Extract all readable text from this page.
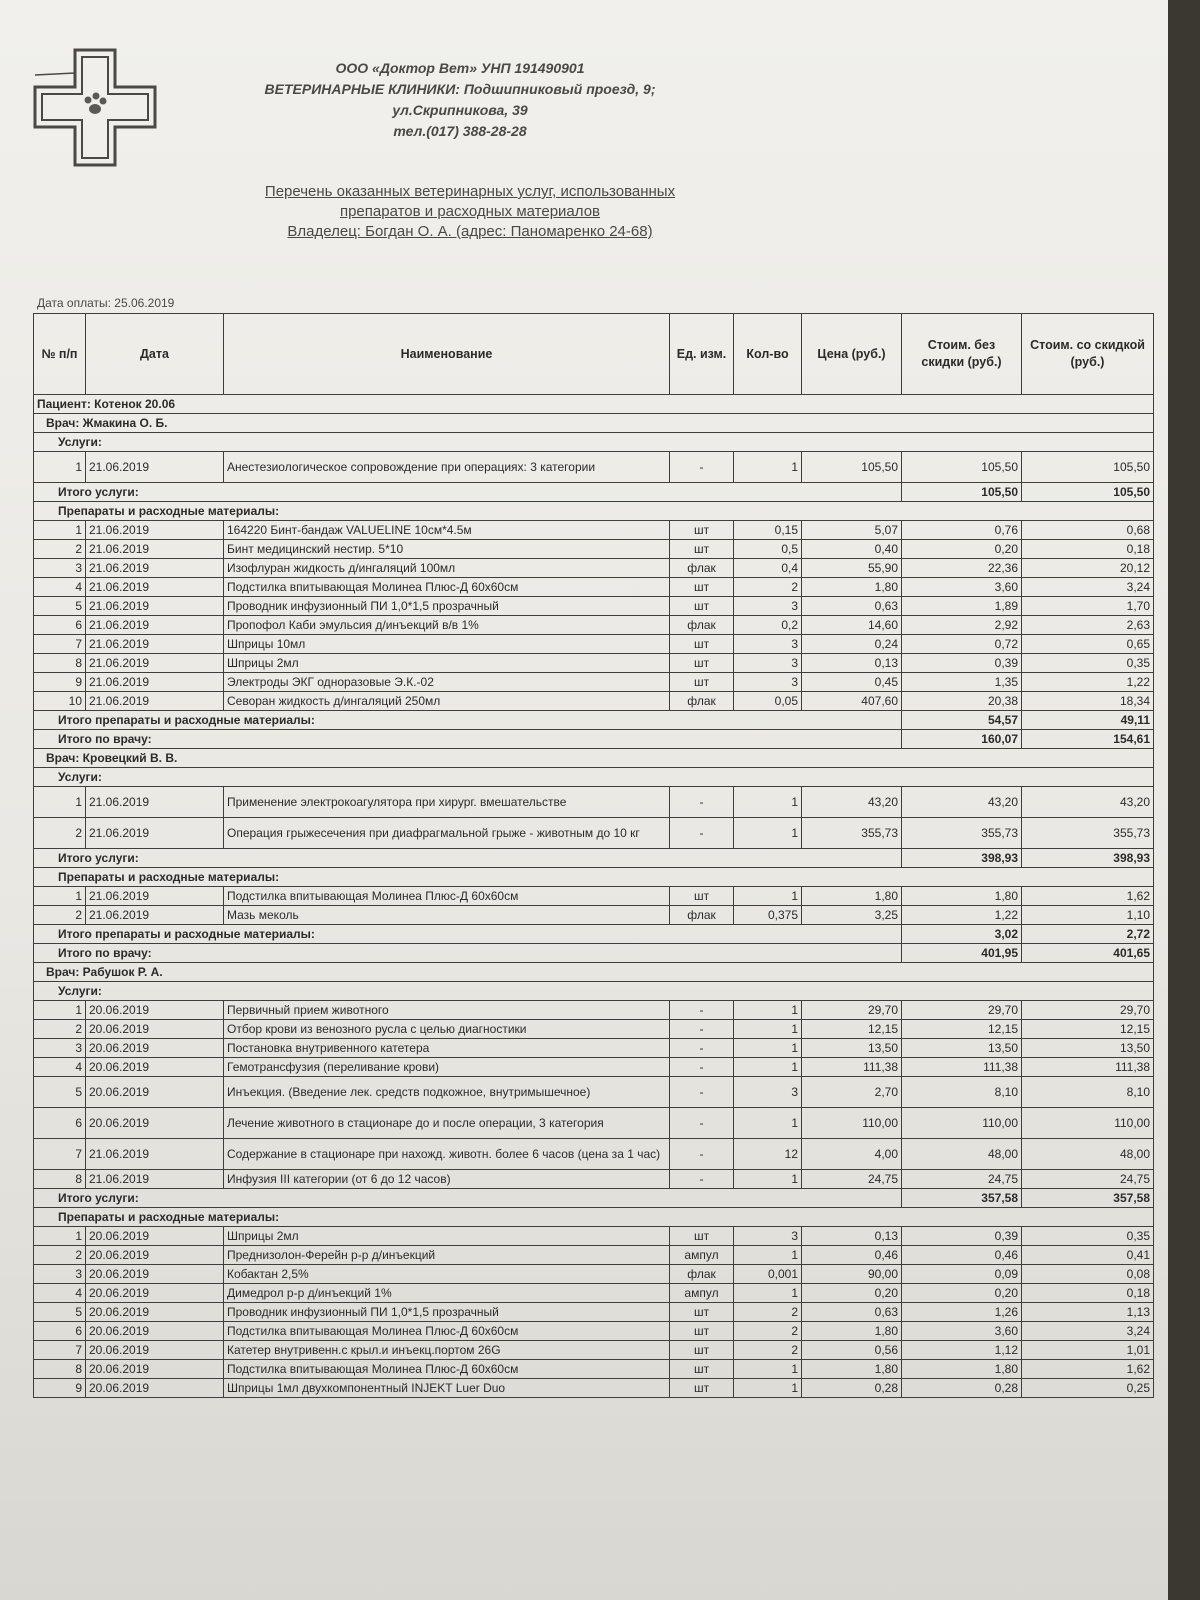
ООО «Доктор Вет» УНП 191490901
ВЕТЕРИНАРНЫЕ КЛИНИКИ: Подшипниковый проезд, 9;
ул.Скрипникова, 39
тел.(017) 388-28-28
Перечень оказанных ветеринарных услуг, использованных
препаратов и расходных материалов
Владелец: Богдан О. А. (адрес: Паномаренко 24-68)
Дата оплаты: 25.06.2019
№ п/п	Дата	Наименование	Ед. изм.	Кол-во	Цена (руб.)	Стоим. без скидки (руб.)	Стоим. со скидкой (руб.)
Пациент: Котенок 20.06							
Врач: Жмакина О. Б.							
Услуги:							
1	21.06.2019	Анестезиологическое сопровождение при операциях: 3 категории	-	1	105,50	105,50	105,50
Итого услуги:						105,50	105,50
Препараты и расходные материалы:							
1	21.06.2019	164220 Бинт-бандаж VALUELINE 10см*4.5м	шт	0,15	5,07	0,76	0,68
2	21.06.2019	Бинт медицинский нестир. 5*10	шт	0,5	0,40	0,20	0,18
3	21.06.2019	Изофлуран жидкость д/ингаляций 100мл	флак	0,4	55,90	22,36	20,12
4	21.06.2019	Подстилка впитывающая Молинеа Плюс-Д 60x60см	шт	2	1,80	3,60	3,24
5	21.06.2019	Проводник инфузионный ПИ 1,0*1,5 прозрачный	шт	3	0,63	1,89	1,70
6	21.06.2019	Пропофол Каби эмульсия д/инъекций в/в 1%	флак	0,2	14,60	2,92	2,63
7	21.06.2019	Шприцы 10мл	шт	3	0,24	0,72	0,65
8	21.06.2019	Шприцы 2мл	шт	3	0,13	0,39	0,35
9	21.06.2019	Электроды ЭКГ одноразовые Э.К.-02	шт	3	0,45	1,35	1,22
10	21.06.2019	Севоран жидкость д/ингаляций 250мл	флак	0,05	407,60	20,38	18,34
Итого препараты и расходные материалы:						54,57	49,11
Итого по врачу:						160,07	154,61
Врач: Кровецкий В. В.							
Услуги:							
1	21.06.2019	Применение электрокоагулятора при хирург. вмешательстве	-	1	43,20	43,20	43,20
2	21.06.2019	Операция грыжесечения при диафрагмальной грыже - животным до 10 кг	-	1	355,73	355,73	355,73
Итого услуги:						398,93	398,93
Препараты и расходные материалы:							
1	21.06.2019	Подстилка впитывающая Молинеа Плюс-Д 60x60см	шт	1	1,80	1,80	1,62
2	21.06.2019	Мазь меколь	флак	0,375	3,25	1,22	1,10
Итого препараты и расходные материалы:						3,02	2,72
Итого по врачу:						401,95	401,65
Врач: Рабушок Р. А.							
Услуги:							
1	20.06.2019	Первичный прием животного	-	1	29,70	29,70	29,70
2	20.06.2019	Отбор крови из венозного русла с целью диагностики	-	1	12,15	12,15	12,15
3	20.06.2019	Постановка внутривенного катетера	-	1	13,50	13,50	13,50
4	20.06.2019	Гемотрансфузия (переливание крови)	-	1	111,38	111,38	111,38
5	20.06.2019	Инъекция. (Введение лек. средств подкожное, внутримышечное)	-	3	2,70	8,10	8,10
6	20.06.2019	Лечение животного в стационаре до и после операции, 3 категория	-	1	110,00	110,00	110,00
7	21.06.2019	Содержание в стационаре при нахожд. животн. более 6 часов (цена за 1 час)	-	12	4,00	48,00	48,00
8	21.06.2019	Инфузия III категории (от 6 до 12 часов)	-	1	24,75	24,75	24,75
Итого услуги:						357,58	357,58
Препараты и расходные материалы:							
1	20.06.2019	Шприцы 2мл	шт	3	0,13	0,39	0,35
2	20.06.2019	Преднизолон-Ферейн р-р д/инъекций	ампул	1	0,46	0,46	0,41
3	20.06.2019	Кобактан 2,5%	флак	0,001	90,00	0,09	0,08
4	20.06.2019	Димедрол р-р д/инъекций 1%	ампул	1	0,20	0,20	0,18
5	20.06.2019	Проводник инфузионный ПИ 1,0*1,5 прозрачный	шт	2	0,63	1,26	1,13
6	20.06.2019	Подстилка впитывающая Молинеа Плюс-Д 60x60см	шт	2	1,80	3,60	3,24
7	20.06.2019	Катетер внутривенн.с крыл.и инъекц.портом 26G	шт	2	0,56	1,12	1,01
8	20.06.2019	Подстилка впитывающая Молинеа Плюс-Д 60x60см	шт	1	1,80	1,80	1,62
9	20.06.2019	Шприцы 1мл двухкомпонентный INJEKT Luer Duo	шт	1	0,28	0,28	0,25
